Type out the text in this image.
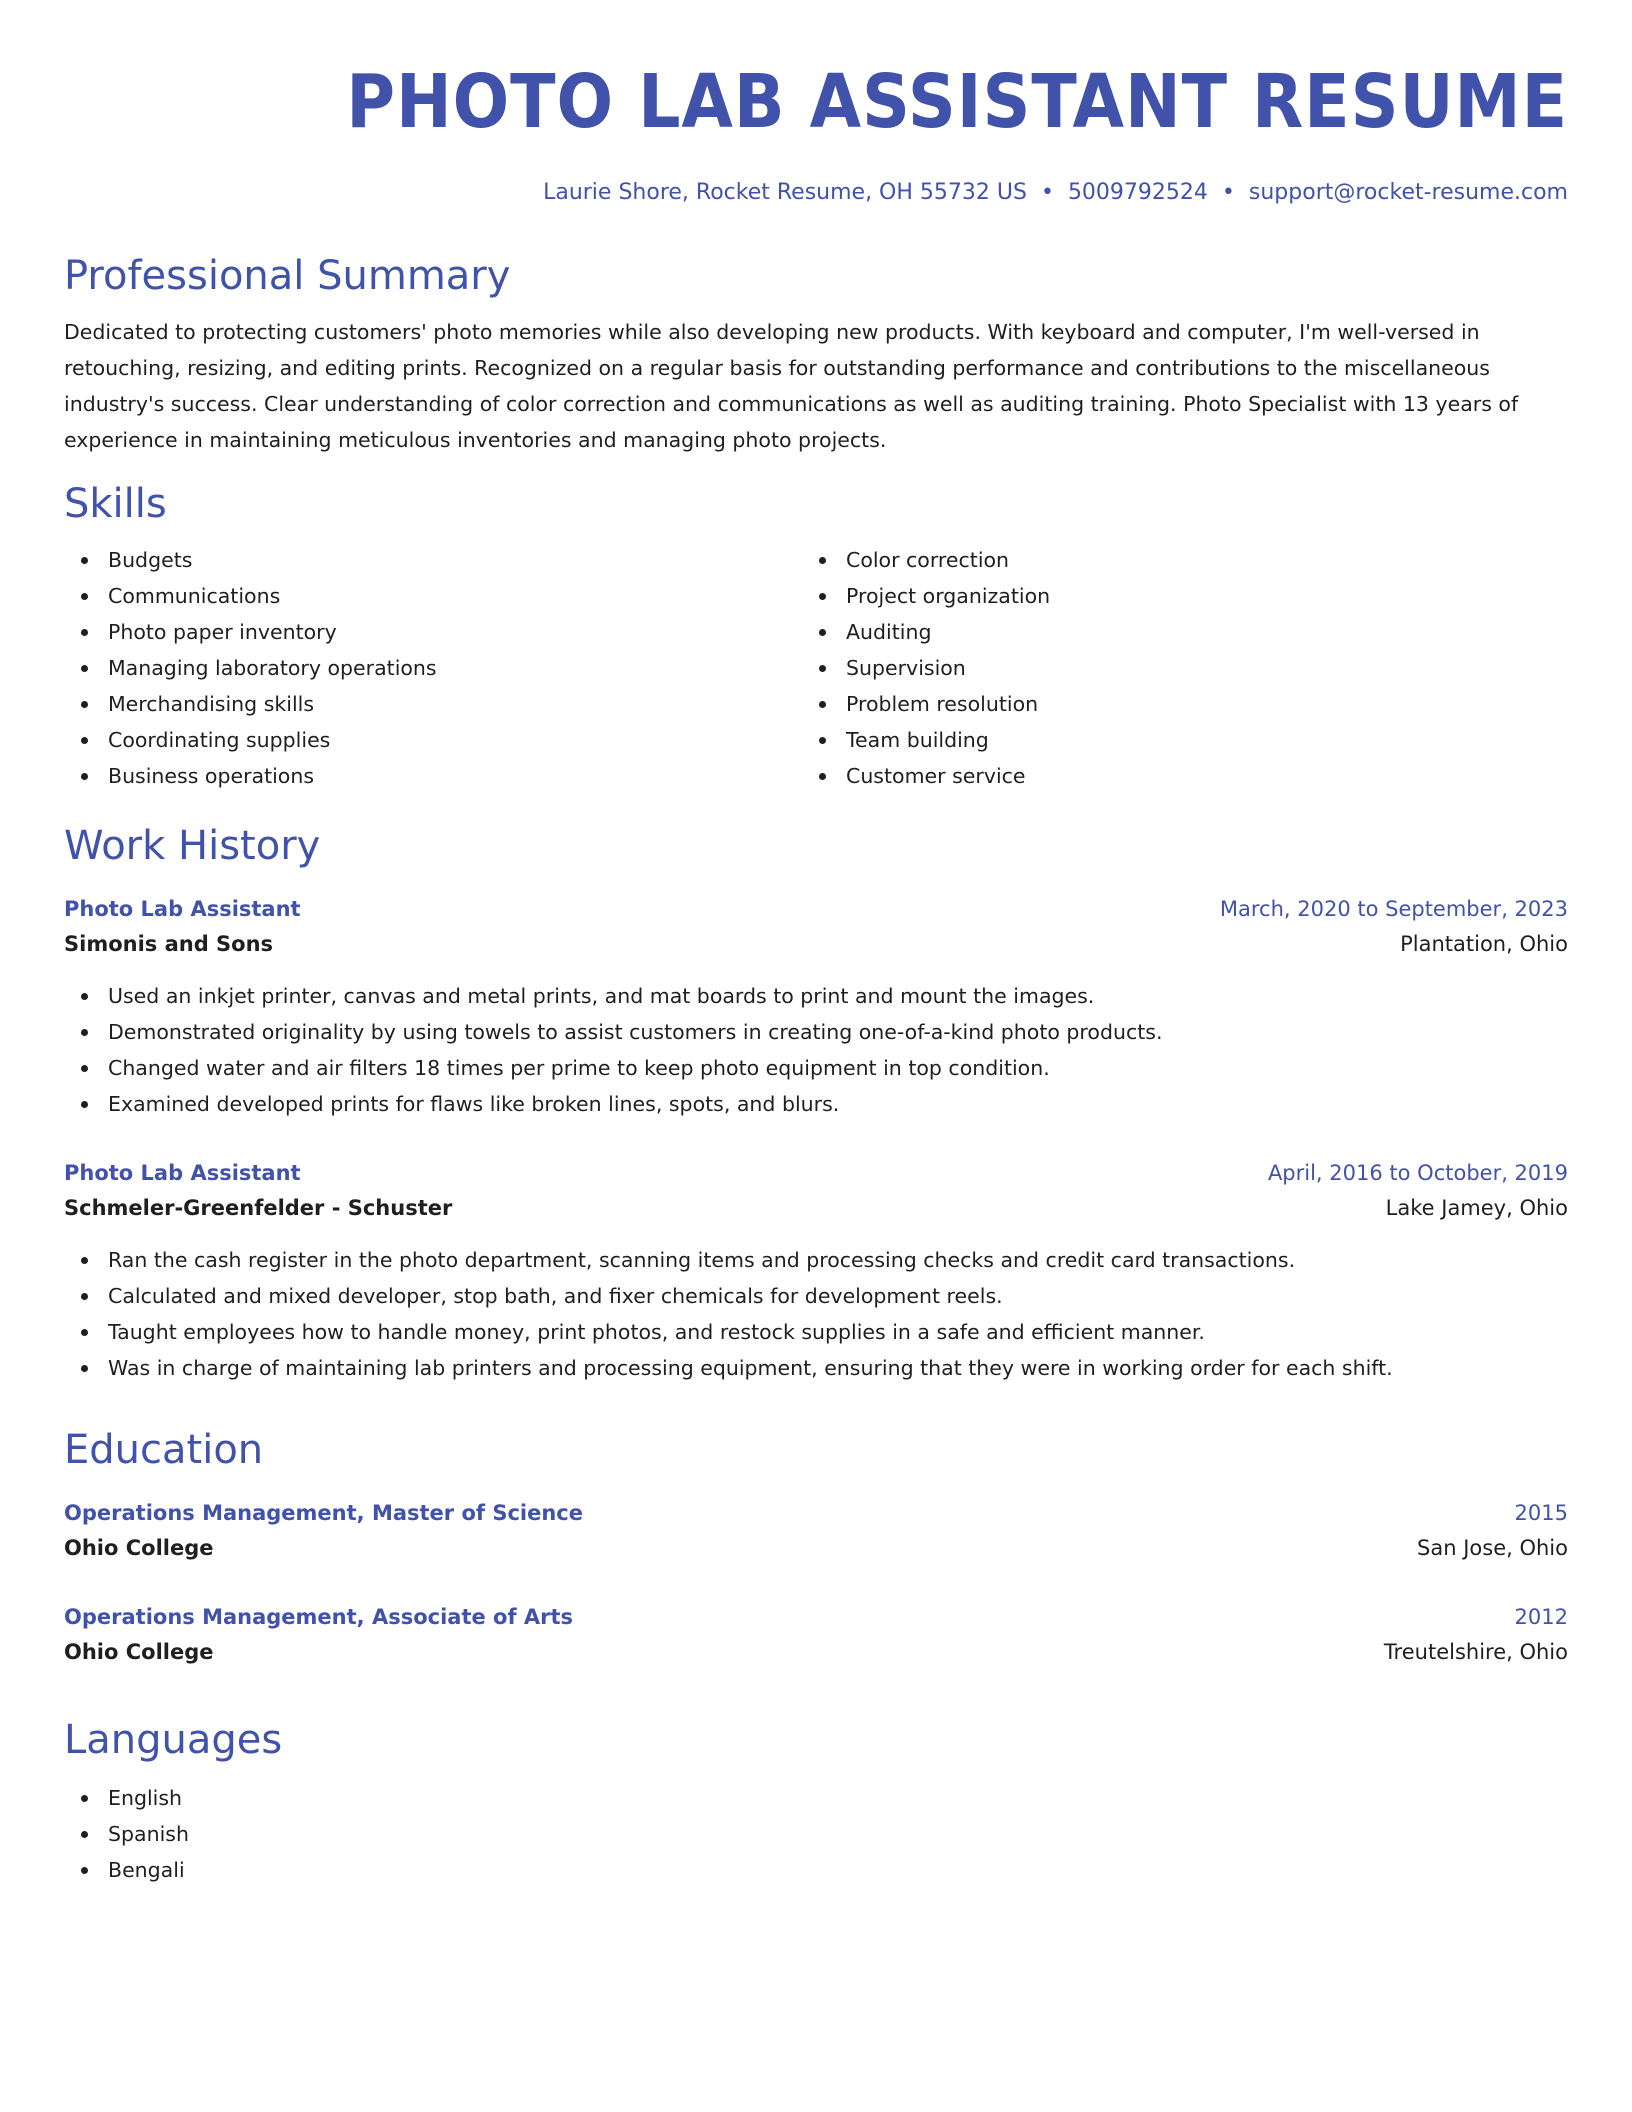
PHOTO LAB ASSISTANT RESUME
Laurie Shore, Rocket Resume, OH 55732 US • 5009792524 • support@rocket-resume.com
Professional Summary

Dedicated to protecting customers' photo memories while also developing new products. With keyboard and computer, I'm well-versed in retouching, resizing, and editing prints. Recognized on a regular basis for outstanding performance and contributions to the miscellaneous industry's success. Clear understanding of color correction and communications as well as auditing training. Photo Specialist with 13 years of experience in maintaining meticulous inventories and managing photo projects.

Skills
Budgets
Communications
Photo paper inventory
Managing laboratory operations
Merchandising skills
Coordinating supplies
Business operations
Color correction
Project organization
Auditing
Supervision
Problem resolution
Team building
Customer service
Work History
Photo Lab Assistant	March, 2020 to September, 2023
Simonis and Sons	Plantation, Ohio
Used an inkjet printer, canvas and metal prints, and mat boards to print and mount the images.
Demonstrated originality by using towels to assist customers in creating one-of-a-kind photo products.
Changed water and air filters 18 times per prime to keep photo equipment in top condition.
Examined developed prints for flaws like broken lines, spots, and blurs.
Photo Lab Assistant	April, 2016 to October, 2019
Schmeler-Greenfelder - Schuster	Lake Jamey, Ohio
Ran the cash register in the photo department, scanning items and processing checks and credit card transactions.
Calculated and mixed developer, stop bath, and fixer chemicals for development reels.
Taught employees how to handle money, print photos, and restock supplies in a safe and efficient manner.
Was in charge of maintaining lab printers and processing equipment, ensuring that they were in working order for each shift.
Education
Operations Management, Master of Science	2015
Ohio College	San Jose, Ohio
Operations Management, Associate of Arts	2012
Ohio College	Treutelshire, Ohio
Languages
English
Spanish
Bengali
